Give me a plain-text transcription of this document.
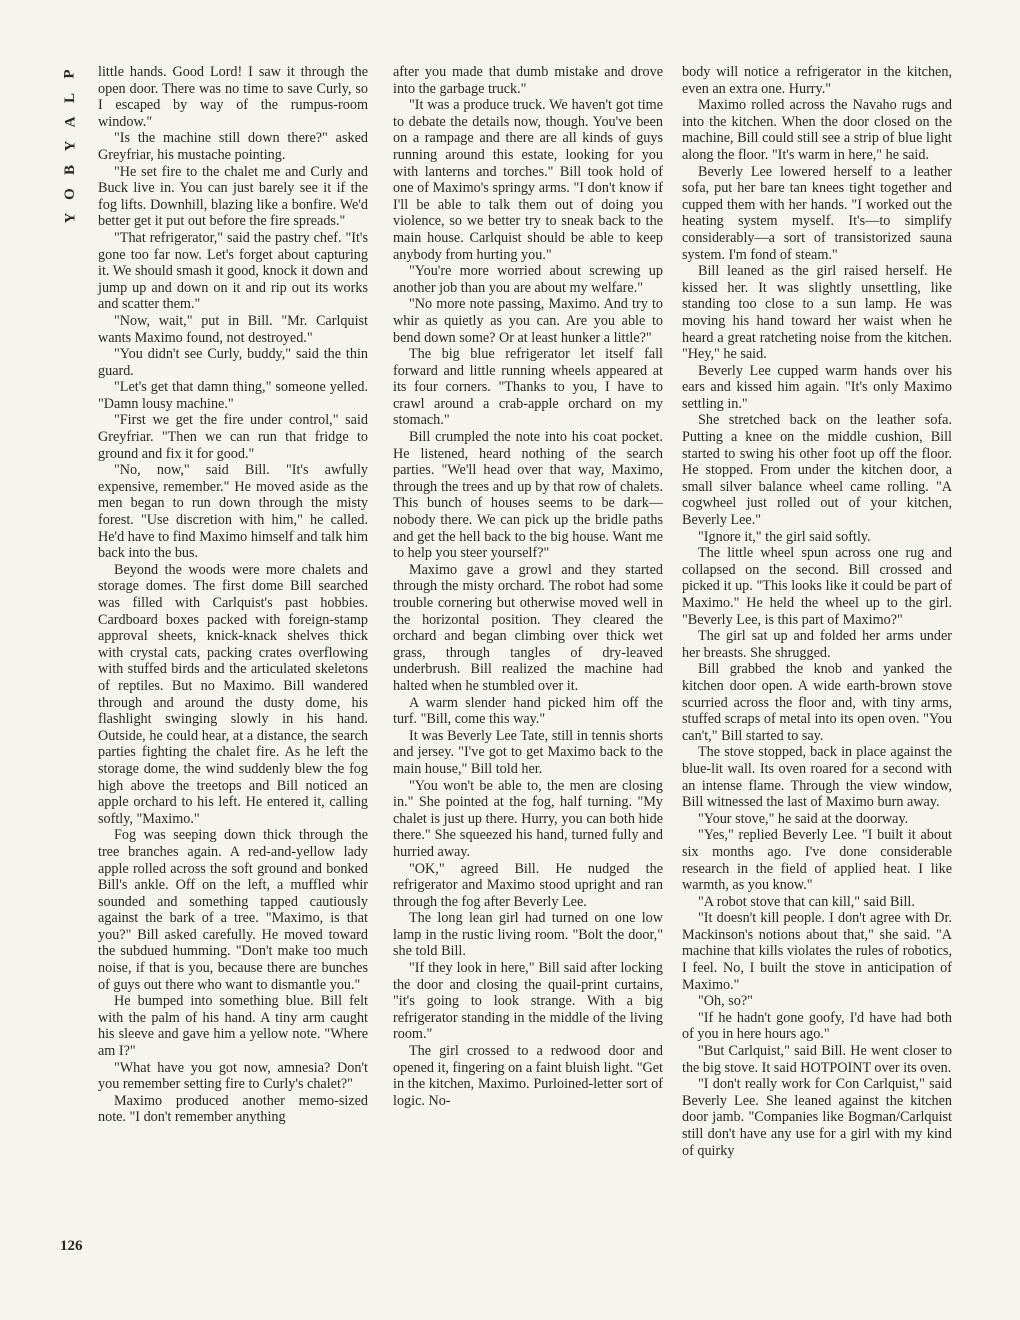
P
L
A
Y
B
O
Y
126

little hands. Good Lord! I saw it through the open door. There was no time to save Curly, so I escaped by way of the rumpus-room window."

"Is the machine still down there?" asked Greyfriar, his mustache pointing.

"He set fire to the chalet me and Curly and Buck live in. You can just barely see it if the fog lifts. Downhill, blazing like a bonfire. We'd better get it put out before the fire spreads."

"That refrigerator," said the pastry chef. "It's gone too far now. Let's forget about capturing it. We should smash it good, knock it down and jump up and down on it and rip out its works and scatter them."

"Now, wait," put in Bill. "Mr. Carlquist wants Maximo found, not destroyed."

"You didn't see Curly, buddy," said the thin guard.

"Let's get that damn thing," someone yelled. "Damn lousy machine."

"First we get the fire under control," said Greyfriar. "Then we can run that fridge to ground and fix it for good."

"No, now," said Bill. "It's awfully expensive, remember." He moved aside as the men began to run down through the misty forest. "Use discretion with him," he called. He'd have to find Maximo himself and talk him back into the bus.

Beyond the woods were more chalets and storage domes. The first dome Bill searched was filled with Carlquist's past hobbies. Cardboard boxes packed with foreign-stamp approval sheets, knick-knack shelves thick with crystal cats, packing crates overflowing with stuffed birds and the articulated skeletons of reptiles. But no Maximo. Bill wandered through and around the dusty dome, his flashlight swinging slowly in his hand. Outside, he could hear, at a distance, the search parties fighting the chalet fire. As he left the storage dome, the wind suddenly blew the fog high above the treetops and Bill noticed an apple orchard to his left. He entered it, calling softly, "Maximo."

Fog was seeping down thick through the tree branches again. A red-and-yellow lady apple rolled across the soft ground and bonked Bill's ankle. Off on the left, a muffled whir sounded and something tapped cautiously against the bark of a tree. "Maximo, is that you?" Bill asked carefully. He moved toward the subdued humming. "Don't make too much noise, if that is you, because there are bunches of guys out there who want to dismantle you."

He bumped into something blue. Bill felt with the palm of his hand. A tiny arm caught his sleeve and gave him a yellow note. "Where am I?"

"What have you got now, amnesia? Don't you remember setting fire to Curly's chalet?"

Maximo produced another memo-sized note. "I don't remember anything

after you made that dumb mistake and drove into the garbage truck."

"It was a produce truck. We haven't got time to debate the details now, though. You've been on a rampage and there are all kinds of guys running around this estate, looking for you with lanterns and torches." Bill took hold of one of Maximo's springy arms. "I don't know if I'll be able to talk them out of doing you violence, so we better try to sneak back to the main house. Carlquist should be able to keep anybody from hurting you."

"You're more worried about screwing up another job than you are about my welfare."

"No more note passing, Maximo. And try to whir as quietly as you can. Are you able to bend down some? Or at least hunker a little?"

The big blue refrigerator let itself fall forward and little running wheels appeared at its four corners. "Thanks to you, I have to crawl around a crab-apple orchard on my stomach."

Bill crumpled the note into his coat pocket. He listened, heard nothing of the search parties. "We'll head over that way, Maximo, through the trees and up by that row of chalets. This bunch of houses seems to be dark—nobody there. We can pick up the bridle paths and get the hell back to the big house. Want me to help you steer yourself?"

Maximo gave a growl and they started through the misty orchard. The robot had some trouble cornering but otherwise moved well in the horizontal position. They cleared the orchard and began climbing over thick wet grass, through tangles of dry-leaved underbrush. Bill realized the machine had halted when he stumbled over it.

A warm slender hand picked him off the turf. "Bill, come this way."

It was Beverly Lee Tate, still in tennis shorts and jersey. "I've got to get Maximo back to the main house," Bill told her.

"You won't be able to, the men are closing in." She pointed at the fog, half turning. "My chalet is just up there. Hurry, you can both hide there." She squeezed his hand, turned fully and hurried away.

"OK," agreed Bill. He nudged the refrigerator and Maximo stood upright and ran through the fog after Beverly Lee.

The long lean girl had turned on one low lamp in the rustic living room. "Bolt the door," she told Bill.

"If they look in here," Bill said after locking the door and closing the quail-print curtains, "it's going to look strange. With a big refrigerator standing in the middle of the living room."

The girl crossed to a redwood door and opened it, fingering on a faint bluish light. "Get in the kitchen, Maximo. Purloined-letter sort of logic. No-

body will notice a refrigerator in the kitchen, even an extra one. Hurry."

Maximo rolled across the Navaho rugs and into the kitchen. When the door closed on the machine, Bill could still see a strip of blue light along the floor. "It's warm in here," he said.

Beverly Lee lowered herself to a leather sofa, put her bare tan knees tight together and cupped them with her hands. "I worked out the heating system myself. It's—to simplify considerably—a sort of transistorized sauna system. I'm fond of steam."

Bill leaned as the girl raised herself. He kissed her. It was slightly unsettling, like standing too close to a sun lamp. He was moving his hand toward her waist when he heard a great ratcheting noise from the kitchen. "Hey," he said.

Beverly Lee cupped warm hands over his ears and kissed him again. "It's only Maximo settling in."

She stretched back on the leather sofa. Putting a knee on the middle cushion, Bill started to swing his other foot up off the floor. He stopped. From under the kitchen door, a small silver balance wheel came rolling. "A cogwheel just rolled out of your kitchen, Beverly Lee."

"Ignore it," the girl said softly.

The little wheel spun across one rug and collapsed on the second. Bill crossed and picked it up. "This looks like it could be part of Maximo." He held the wheel up to the girl. "Beverly Lee, is this part of Maximo?"

The girl sat up and folded her arms under her breasts. She shrugged.

Bill grabbed the knob and yanked the kitchen door open. A wide earth-brown stove scurried across the floor and, with tiny arms, stuffed scraps of metal into its open oven. "You can't," Bill started to say.

The stove stopped, back in place against the blue-lit wall. Its oven roared for a second with an intense flame. Through the view window, Bill witnessed the last of Maximo burn away.

"Your stove," he said at the doorway.

"Yes," replied Beverly Lee. "I built it about six months ago. I've done considerable research in the field of applied heat. I like warmth, as you know."

"A robot stove that can kill," said Bill.

"It doesn't kill people. I don't agree with Dr. Mackinson's notions about that," she said. "A machine that kills violates the rules of robotics, I feel. No, I built the stove in anticipation of Maximo."

"Oh, so?"

"If he hadn't gone goofy, I'd have had both of you in here hours ago."

"But Carlquist," said Bill. He went closer to the big stove. It said HOTPOINT over its oven.

"I don't really work for Con Carlquist," said Beverly Lee. She leaned against the kitchen door jamb. "Companies like Bogman/Carlquist still don't have any use for a girl with my kind of quirky
